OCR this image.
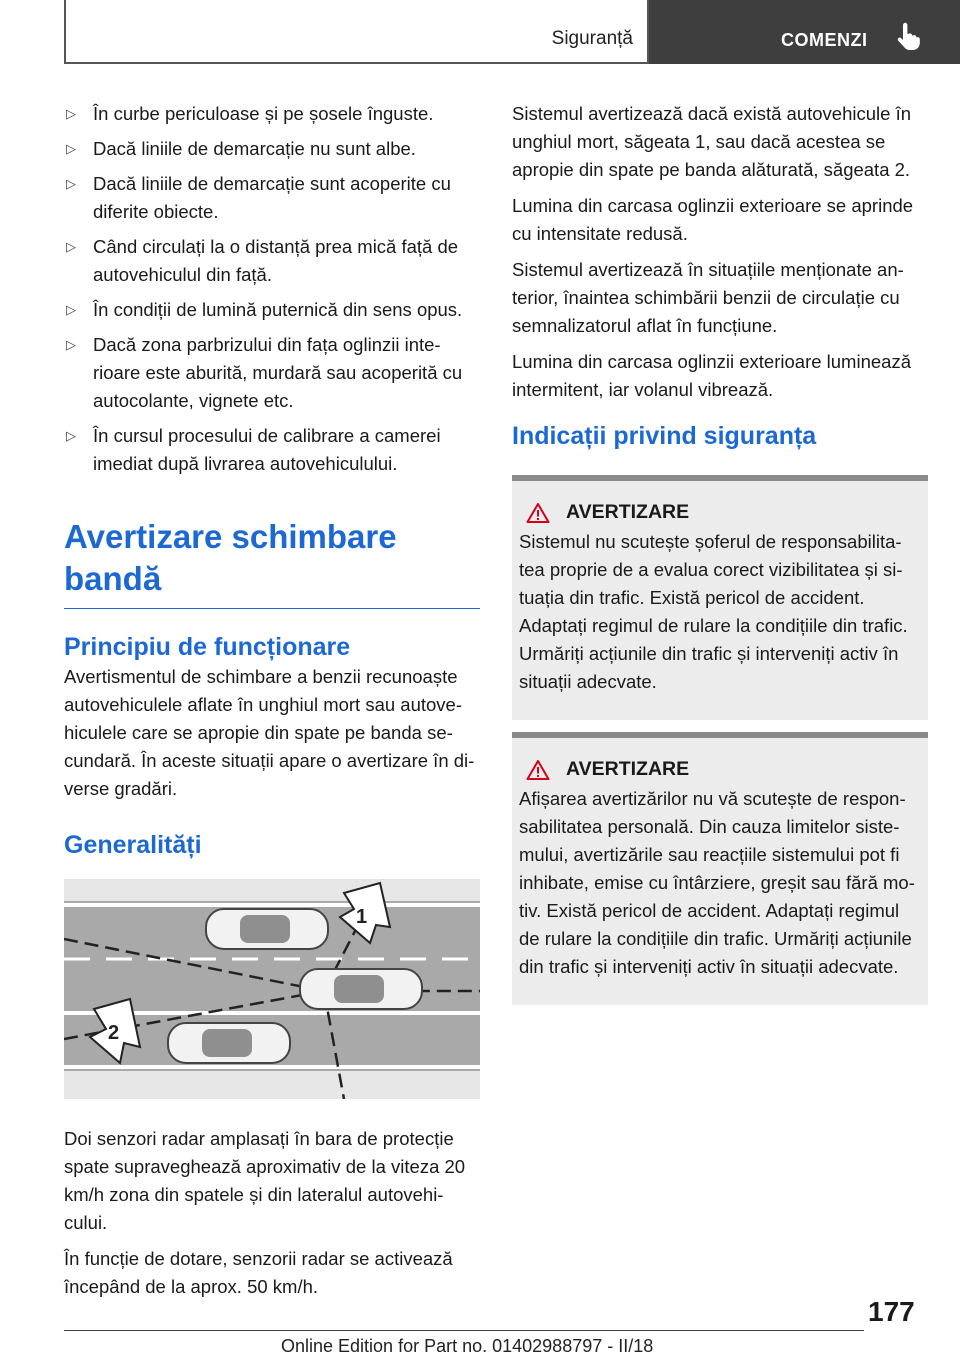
Siguranță	COMENZI
▷ În curbe periculoase și pe șosele înguste.
▷ Dacă liniile de demarcație nu sunt albe.
▷ Dacă liniile de demarcație sunt acoperite cu diferite obiecte.
▷ Când circulați la o distanță prea mică față de autovehiculul din față.
▷ În condiții de lumină puternică din sens opus.
▷ Dacă zona parbrizului din fața oglinzii inte‐rioare este aburită, murdară sau acoperită cu autocolante, vignete etc.
▷ În cursul procesului de calibrare a camerei imediat după livrarea autovehiculului.
Avertizare schimbare bandă
Principiu de funcționare

Avertismentul de schimbare a benzii recunoaște autovehiculele aflate în unghiul mort sau autove‐hiculele care se apropie din spate pe banda se‐cundară. În aceste situații apare o avertizare în di‐verse gradări.

Generalități
1
2

Doi senzori radar amplasați în bara de protecție spate supraveghează aproximativ de la viteza 20 km/h zona din spatele și din lateralul autovehi‐cului.

În funcție de dotare, senzorii radar se activează începând de la aprox. 50 km/h.

Sistemul avertizează dacă există autovehicule în unghiul mort, săgeata 1, sau dacă acestea se apropie din spate pe banda alăturată, săgeata 2.

Lumina din carcasa oglinzii exterioare se aprinde cu intensitate redusă.

Sistemul avertizează în situațiile menționate an‐terior, înaintea schimbării benzii de circulație cu semnalizatorul aflat în funcțiune.

Lumina din carcasa oglinzii exterioare luminează intermitent, iar volanul vibrează.

Indicații privind siguranța
AVERTIZARE

Sistemul nu scutește șoferul de responsabilita‐tea proprie de a evalua corect vizibilitatea și si‐tuația din trafic. Există pericol de accident. Adaptați regimul de rulare la condițiile din trafic. Urmăriți acțiunile din trafic și interveniți activ în situații adecvate.

AVERTIZARE

Afișarea avertizărilor nu vă scutește de respon‐sabilitatea personală. Din cauza limitelor siste‐mului, avertizările sau reacțiile sistemului pot fi inhibate, emise cu întârziere, greșit sau fără mo‐tiv. Există pericol de accident. Adaptați regimul de rulare la condițiile din trafic. Urmăriți acțiunile din trafic și interveniți activ în situații adecvate.

177
Online Edition for Part no. 01402988797 - II/18
